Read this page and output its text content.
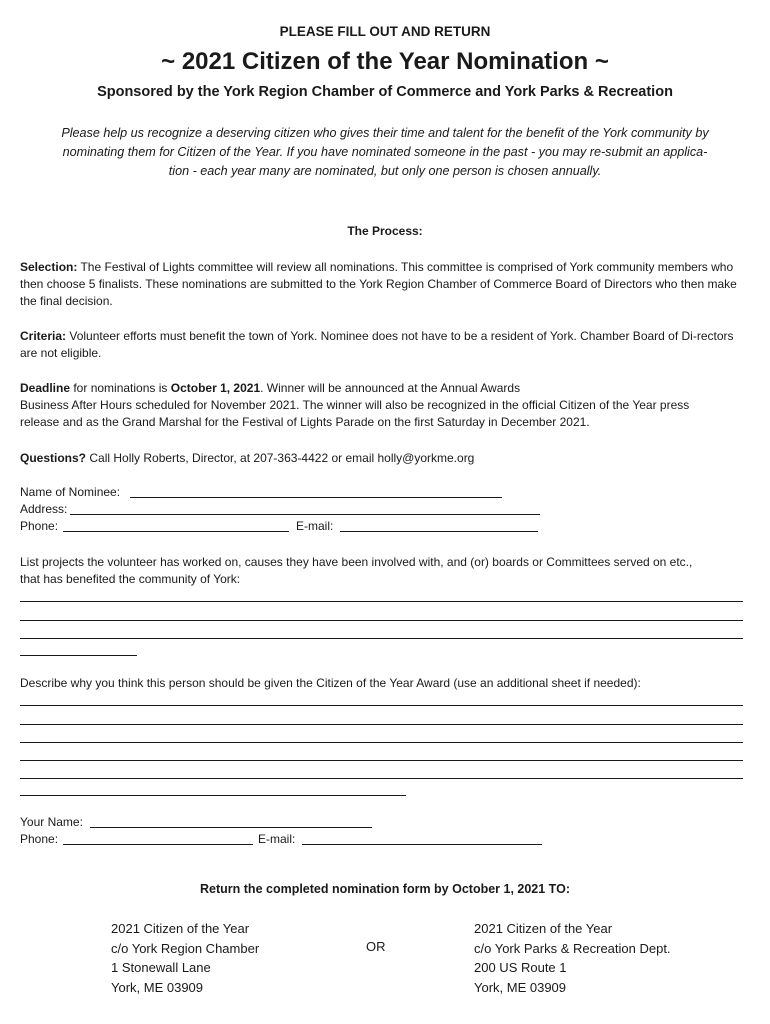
PLEASE FILL OUT AND RETURN
~ 2021 Citizen of the Year Nomination ~
Sponsored by the York Region Chamber of Commerce and York Parks & Recreation
Please help us recognize a deserving citizen who gives their time and talent for the benefit of the York community by
nominating them for Citizen of the Year. If you have nominated someone in the past - you may re-submit an applica-
tion - each year many are nominated, but only one person is chosen annually.
The Process:
Selection: The Festival of Lights committee will review all nominations. This committee is comprised of York community members who then choose 5 finalists. These nominations are submitted to the York Region Chamber of Commerce Board of Directors who then make the final decision.
Criteria: Volunteer efforts must benefit the town of York. Nominee does not have to be a resident of York. Chamber Board of Di-rectors are not eligible.
Deadline for nominations is October 1, 2021. Winner will be announced at the Annual Awards
Business After Hours scheduled for November 2021. The winner will also be recognized in the official Citizen of the Year press
release and as the Grand Marshal for the Festival of Lights Parade on the first Saturday in December 2021.
Questions? Call Holly Roberts, Director, at 207-363-4422 or email holly@yorkme.org
Name of Nominee:
Address:
Phone:	E-mail:
List projects the volunteer has worked on, causes they have been involved with, and (or) boards or Committees served on etc.,
that has benefited the community of York:
Describe why you think this person should be given the Citizen of the Year Award (use an additional sheet if needed):
Your Name:
Phone:	E-mail:
Return the completed nomination form by October 1, 2021 TO:
2021 Citizen of the Year
c/o York Region Chamber
1 Stonewall Lane
York, ME 03909
OR
2021 Citizen of the Year
c/o York Parks & Recreation Dept.
200 US Route 1
York, ME 03909
